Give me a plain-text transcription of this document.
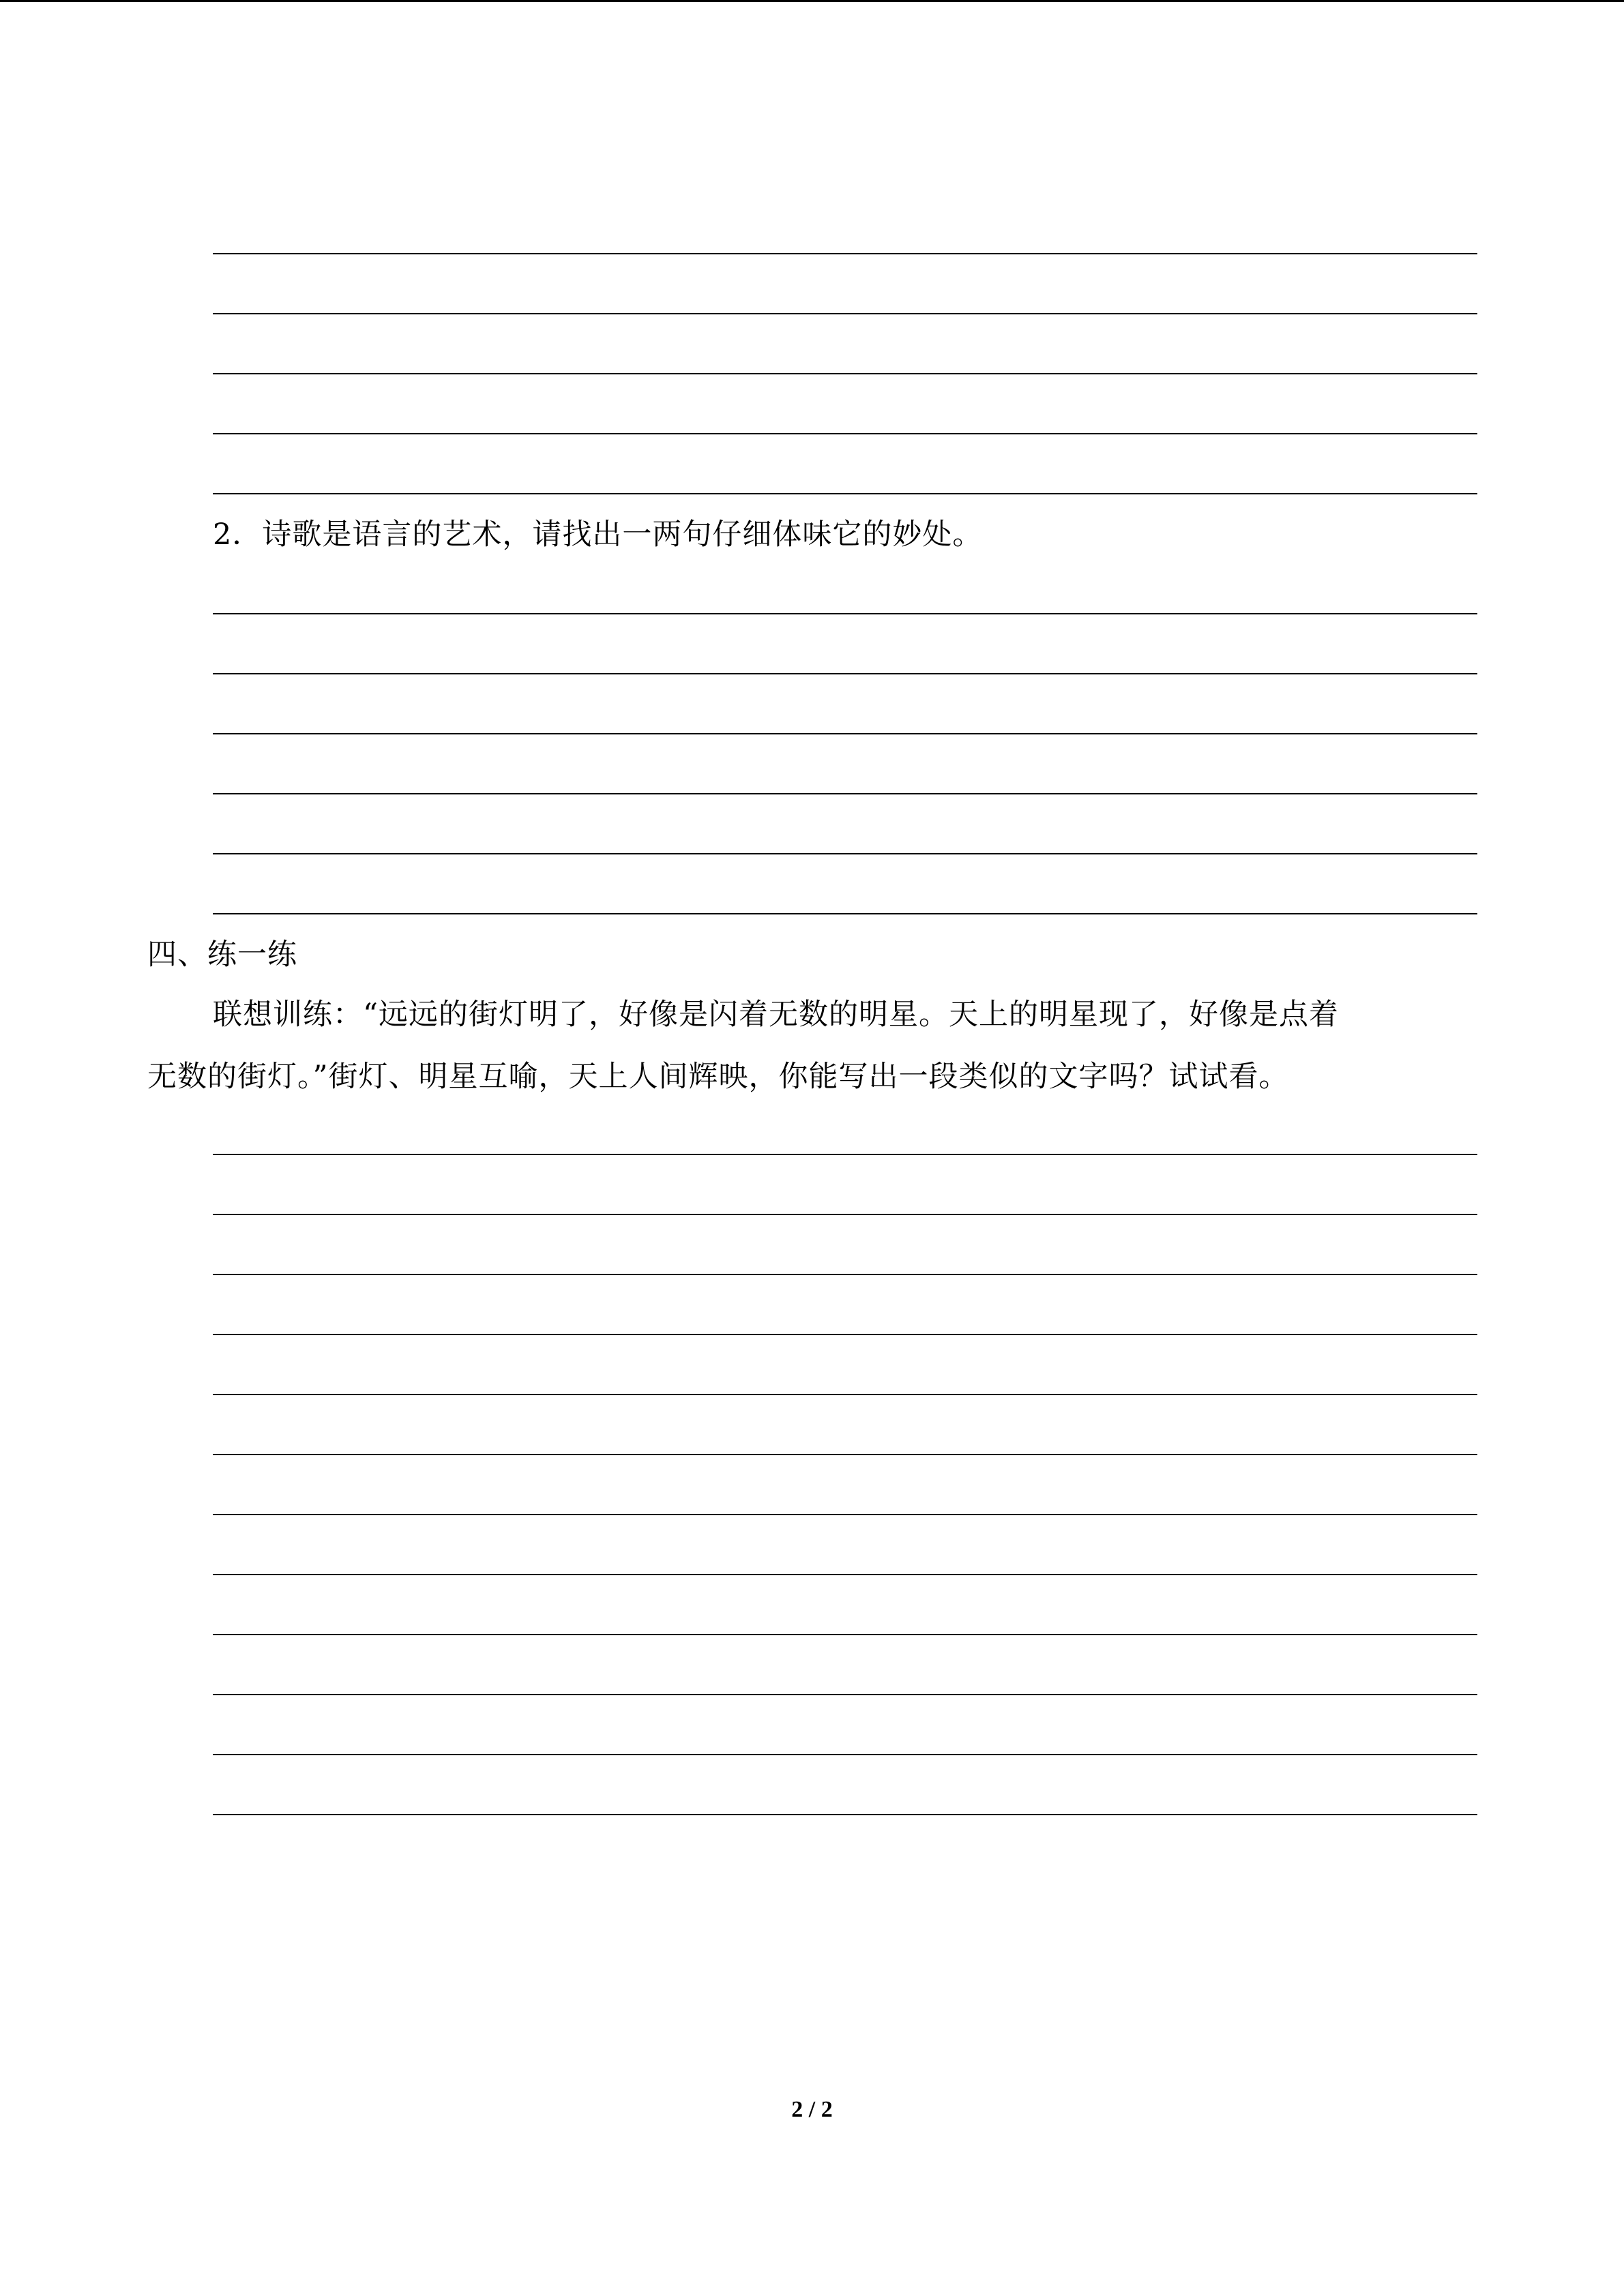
2．诗歌是语言的艺术，请找出一两句仔细体味它的妙处。
四、练一练
联想训练：“远远的街灯明了，好像是闪着无数的明星。天上的明星现了，好像是点着
无数的街灯。”街灯、明星互喻，天上人间辉映，你能写出一段类似的文字吗？试试看。
2 / 2
